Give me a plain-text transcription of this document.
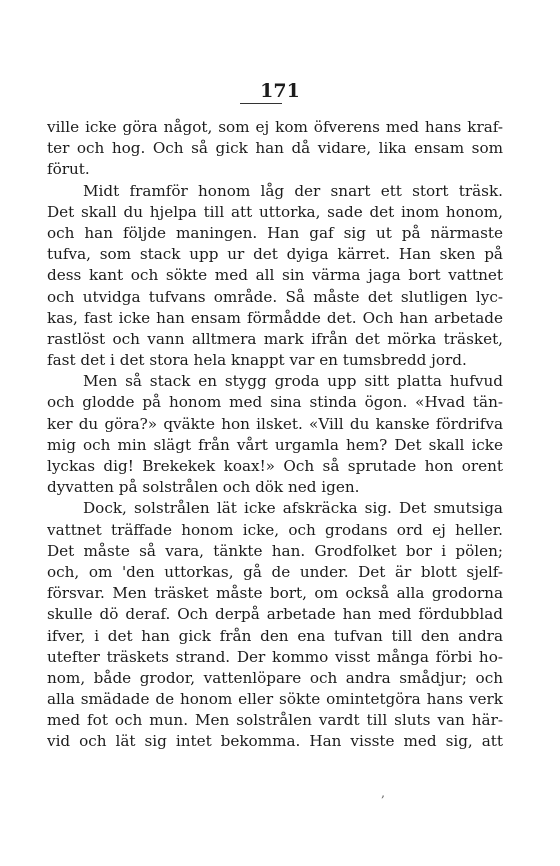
171
ville icke göra något, som ej kom öfverens med hans kraf-
ter och hog. Och så gick han då vidare, lika ensam som
förut.
Midt framför honom låg der snart ett stort träsk.
Det skall du hjelpa till att uttorka, sade det inom honom,
och han följde maningen. Han gaf sig ut på närmaste
tufva, som stack upp ur det dyiga kärret. Han sken på
dess kant och sökte med all sin värma jaga bort vattnet
och utvidga tufvans område. Så måste det slutligen lyc-
kas, fast icke han ensam förmådde det. Och han arbetade
rastlöst och vann alltmera mark ifrån det mörka träsket,
fast det i det stora hela knappt var en tumsbredd jord.
Men så stack en stygg groda upp sitt platta hufvud
och glodde på honom med sina stinda ögon. «Hvad tän-
ker du göra?» qväkte hon ilsket. «Vill du kanske fördrifva
mig och min slägt från vårt urgamla hem? Det skall icke
lyckas dig! Brekekek koax!» Och så sprutade hon orent
dyvatten på solstrålen och dök ned igen.
Dock, solstrålen lät icke afskräcka sig. Det smutsiga
vattnet träffade honom icke, och grodans ord ej heller.
Det måste så vara, tänkte han. Grodfolket bor i pölen;
och, om 'den uttorkas, gå de under. Det är blott sjelf-
försvar. Men träsket måste bort, om också alla grodorna
skulle dö deraf. Och derpå arbetade han med fördubblad
ifver, i det han gick från den ena tufvan till den andra
utefter träskets strand. Der kommo visst många förbi ho-
nom, både grodor, vattenlöpare och andra smådjur; och
alla smädade de honom eller sökte omintetgöra hans verk
med fot och mun. Men solstrålen vardt till sluts van här-
vid och lät sig intet bekomma. Han visste med sig, att
‚
